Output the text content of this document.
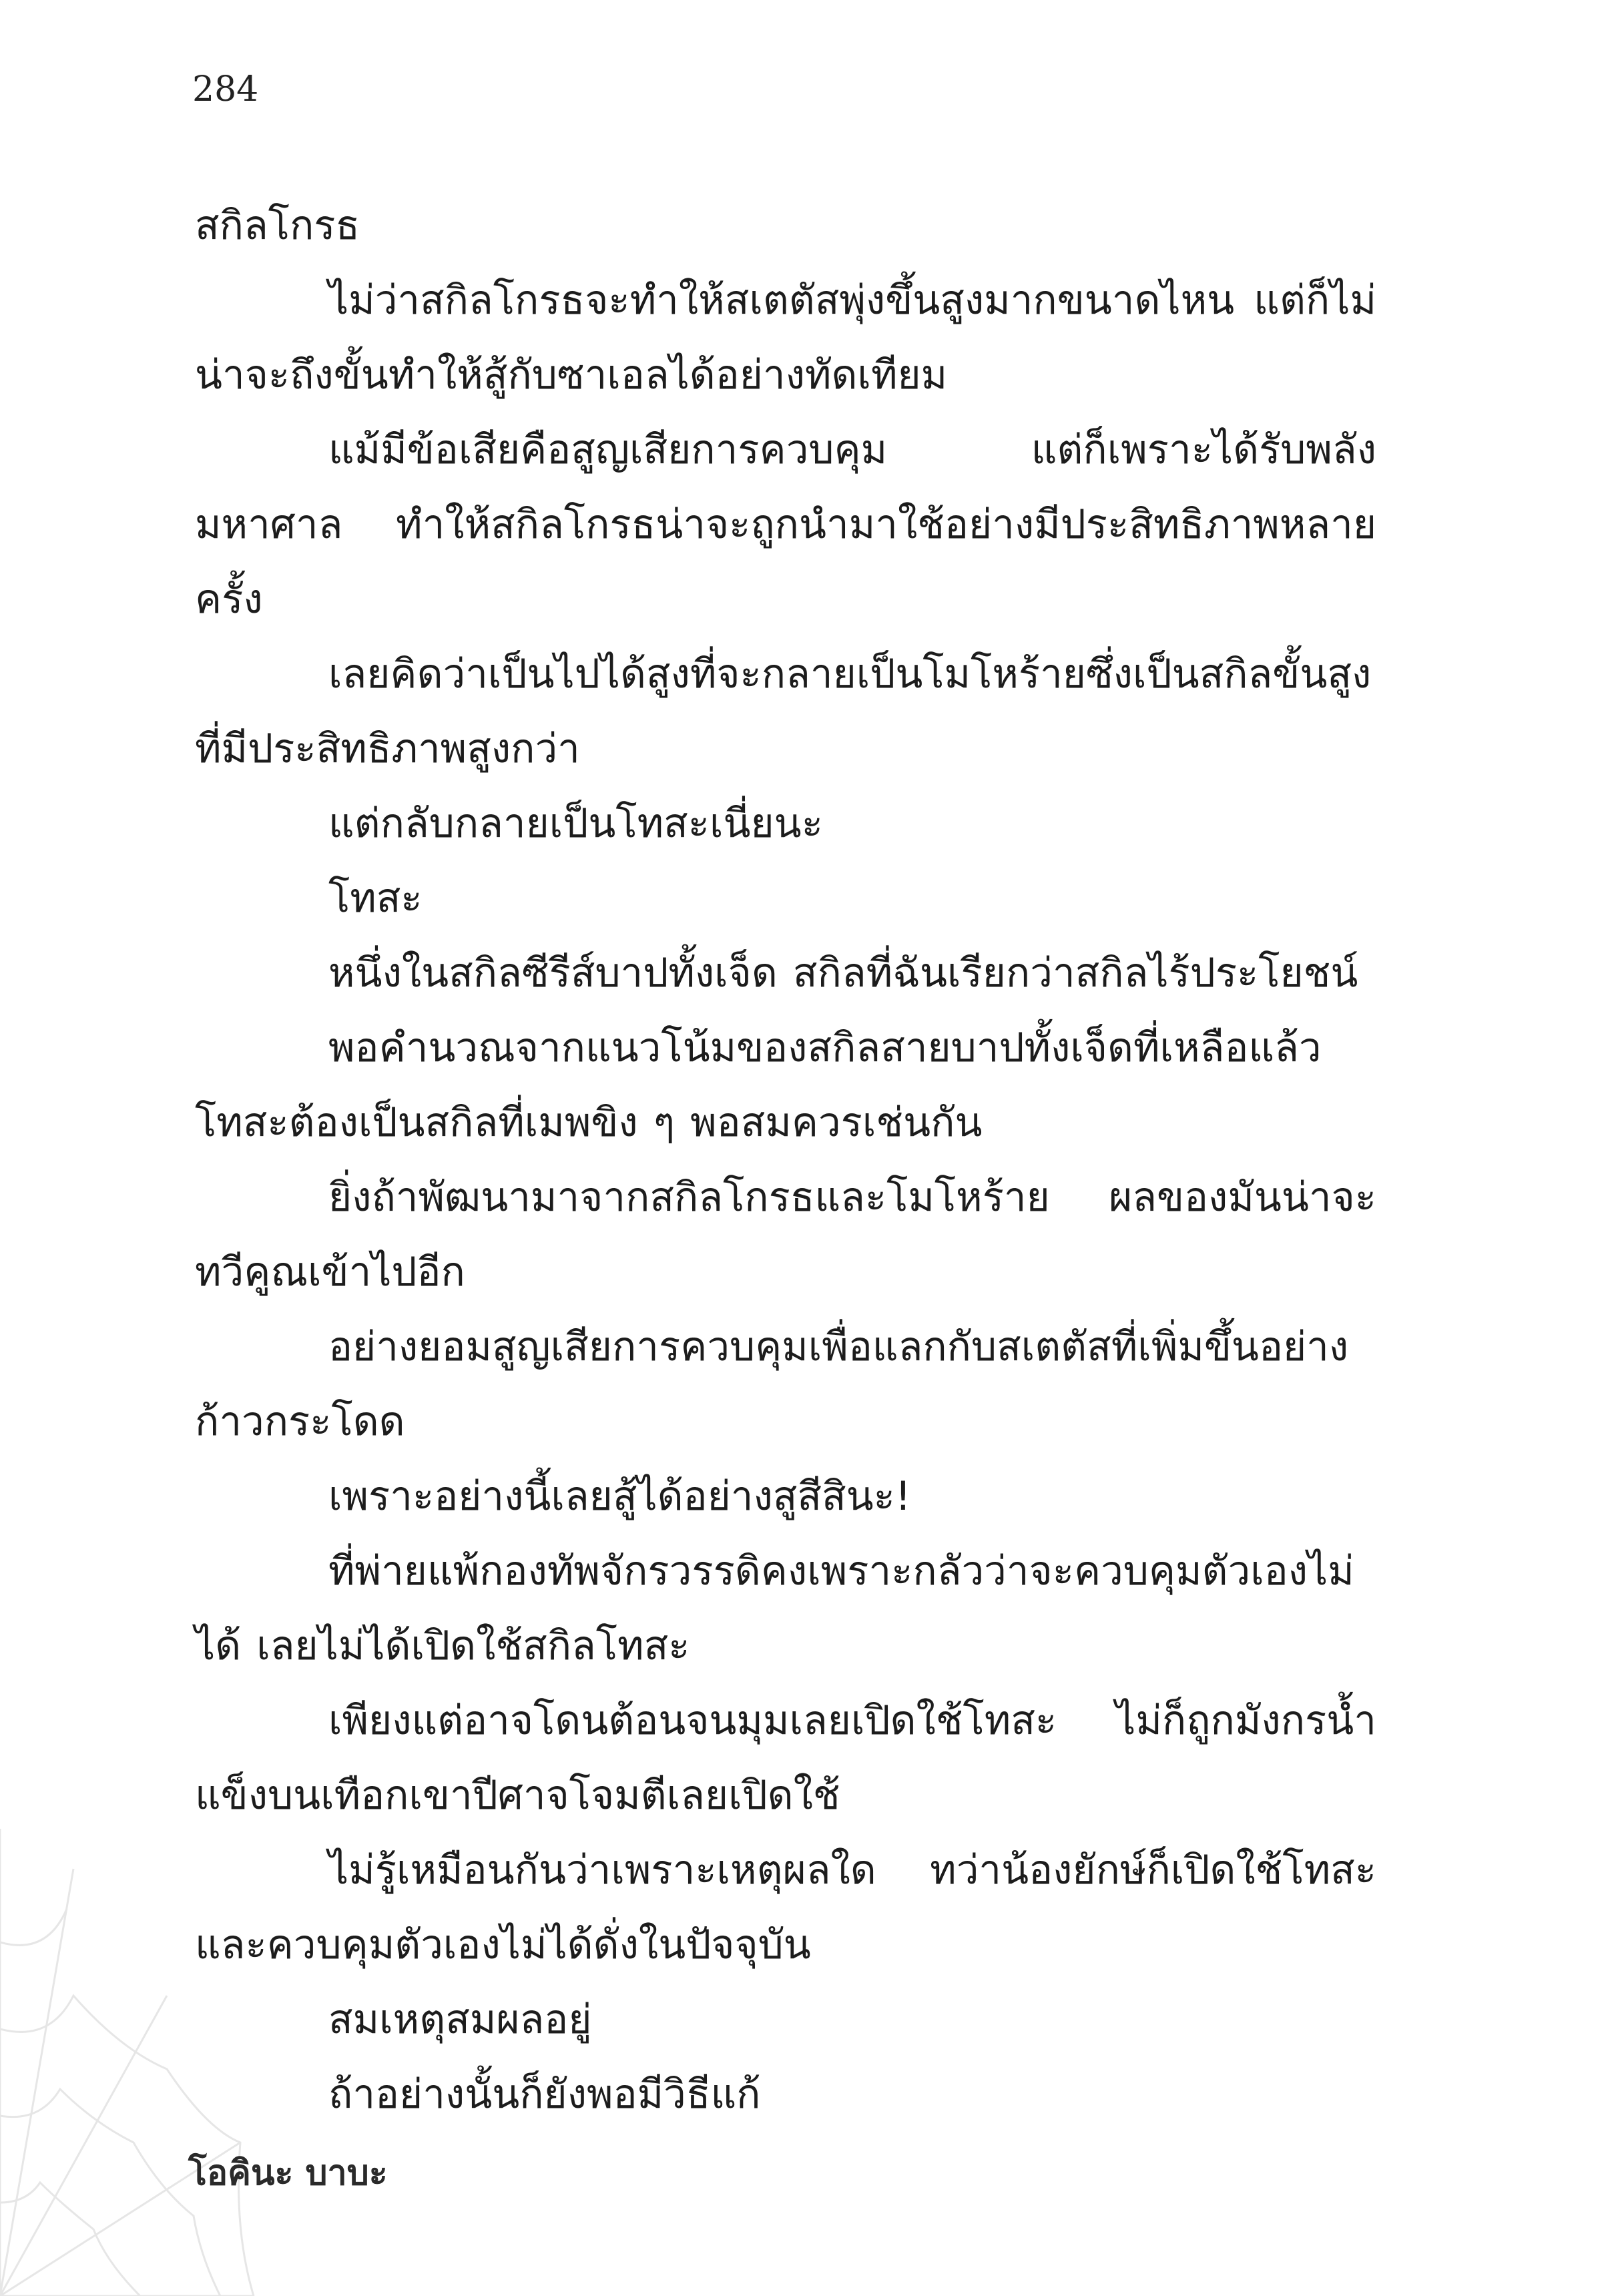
284

สกิลโกรธ

ไม่ว่าสกิลโกรธจะทำให้สเตตัสพุ่งขึ้นสูงมากขนาดไหน แต่ก็ไม่น่าจะถึงขั้นทำให้สู้กับซาเอลได้อย่างทัดเทียม

แม้มีข้อเสียคือสูญเสียการควบคุม แต่ก็เพราะได้รับพลังมหาศาล ทำให้สกิลโกรธน่าจะถูกนำมาใช้อย่างมีประสิทธิภาพหลายครั้ง

เลยคิดว่าเป็นไปได้สูงที่จะกลายเป็นโมโหร้ายซึ่งเป็นสกิลขั้นสูงที่มีประสิทธิภาพสูงกว่า

แต่กลับกลายเป็นโทสะเนี่ยนะ

โทสะ

หนึ่งในสกิลซีรีส์บาปทั้งเจ็ด สกิลที่ฉันเรียกว่าสกิลไร้ประโยชน์

พอคำนวณจากแนวโน้มของสกิลสายบาปทั้งเจ็ดที่เหลือแล้ว โทสะต้องเป็นสกิลที่เมพขิง ๆ พอสมควรเช่นกัน

ยิ่งถ้าพัฒนามาจากสกิลโกรธและโมโหร้าย ผลของมันน่าจะทวีคูณเข้าไปอีก

อย่างยอมสูญเสียการควบคุมเพื่อแลกกับสเตตัสที่เพิ่มขึ้นอย่างก้าวกระโดด

เพราะอย่างนี้เลยสู้ได้อย่างสูสีสินะ!

ที่พ่ายแพ้กองทัพจักรวรรดิคงเพราะกลัวว่าจะควบคุมตัวเองไม่ได้ เลยไม่ได้เปิดใช้สกิลโทสะ

เพียงแต่อาจโดนต้อนจนมุมเลยเปิดใช้โทสะ ไม่ก็ถูกมังกรน้ำแข็งบนเทือกเขาปีศาจโจมตีเลยเปิดใช้

ไม่รู้เหมือนกันว่าเพราะเหตุผลใด ทว่าน้องยักษ์ก็เปิดใช้โทสะและควบคุมตัวเองไม่ได้ดั่งในปัจจุบัน

สมเหตุสมผลอยู่

ถ้าอย่างนั้นก็ยังพอมีวิธีแก้

โอคินะ บาบะ
